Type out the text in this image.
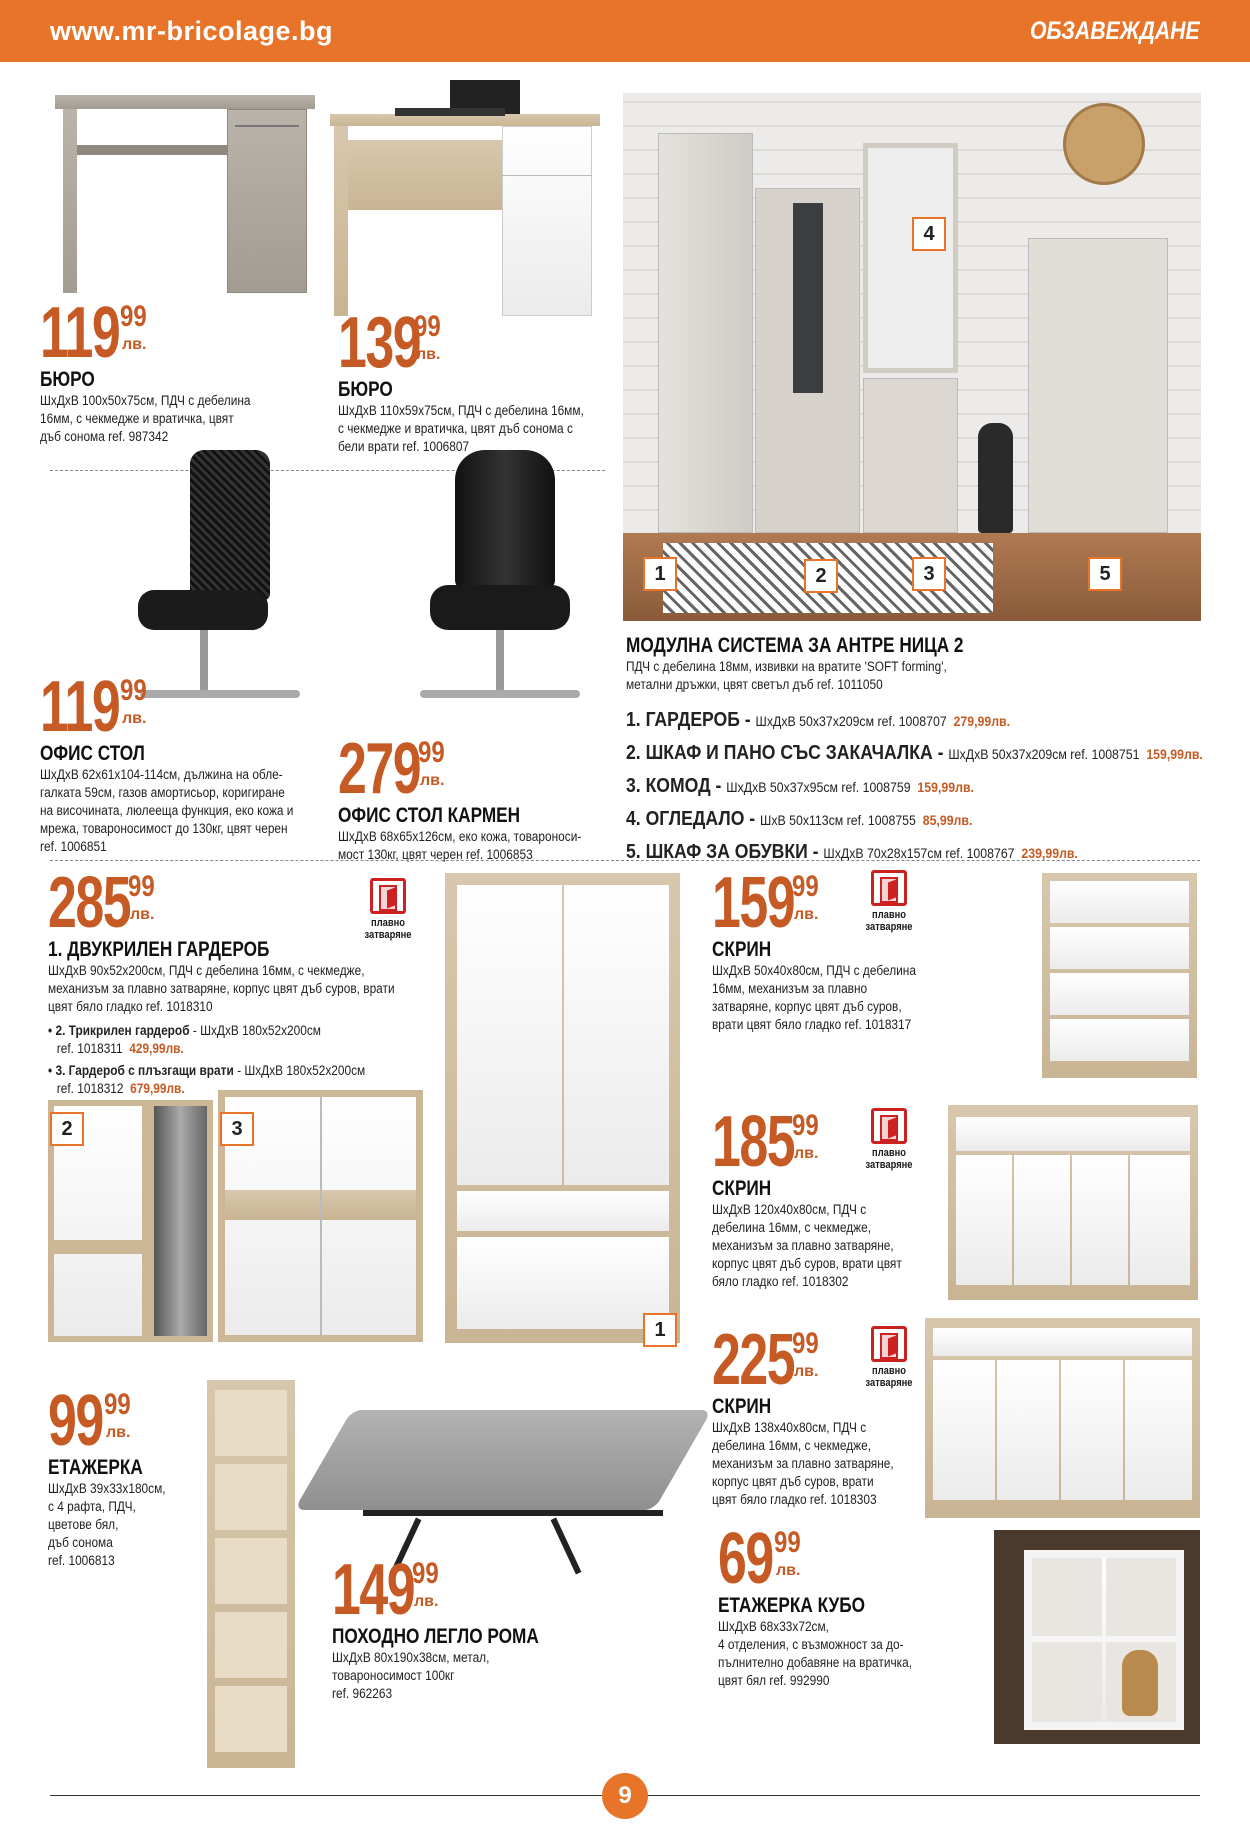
www.mr-bricolage.bg	ОБЗАВЕЖДАНЕ
119 99
лв.
БЮРО
ШхДхВ 100x50x75см, ПДЧ с дебелина
16мм, с чекмедже и вратичка, цвят
дъб сонома ref. 987342
139
99
лв.
БЮРО
ШхДхВ 110x59x75см, ПДЧ с дебелина 16мм,
с чекмедже и вратичка, цвят дъб сонома с
бели врати ref. 1006807
119 99
лв.
ОФИС СТОЛ
ШхДхВ 62x61x104-114см, дължина на обле-
галката 59см, газов амортисьор, коригиране
на височината, люлееща функция, еко кожа и
мрежа, товароносимост до 130кг, цвят черен
ref. 1006851
279
99
лв.
ОФИС СТОЛ КАРМЕН
ШхДхВ 68x65x126см, еко кожа, товароноси-
мост 130кг, цвят черен ref. 1006853
1	2	3
4
5
МОДУЛНА СИСТЕМА ЗА АНТРЕ НИЦА 2
ПДЧ с дебелина 18мм, извивки на вратите 'SOFT forming',
метални дръжки, цвят светъл дъб ref. 1011050
1. ГАРДЕРОБ - ШхДхВ 50x37x209см ref. 1008707 279,99лв.
2. ШКАФ И ПАНО СЪС ЗАКАЧАЛКА - ШхДхВ 50x37x209см ref. 1008751 159,99лв.
3. КОМОД - ШхДхВ 50x37x95см ref. 1008759 159,99лв.
4. ОГЛЕДАЛО - ШхВ 50x113см ref. 1008755 85,99лв.
5. ШКАФ ЗА ОБУВКИ - ШхДхВ 70x28x157см ref. 1008767 239,99лв.
285
99
лв.
1. ДВУКРИЛЕН ГАРДЕРОБ
ШхДхВ 90x52x200см, ПДЧ с дебелина 16мм, с чекмедже,
механизъм за плавно затваряне, корпус цвят дъб суров, врати
цвят бяло гладко ref. 1018310
• 2. Трикрилен гардероб - ШхДхВ 180x52x200см
ref. 1018311 429,99лв.
• 3. Гардероб с плъзгащи врати - ШхДхВ 180x52x200см
ref. 1018312 679,99лв.
плавно
затваряне
2	3
1
159
99
лв.
СКРИН
ШхДхВ 50x40x80см, ПДЧ с дебелина
16мм, механизъм за плавно
затваряне, корпус цвят дъб суров,
врати цвят бяло гладко ref. 1018317
плавно
затваряне
185
99
лв.
СКРИН
ШхДхВ 120x40x80см, ПДЧ с
дебелина 16мм, с чекмедже,
механизъм за плавно затваряне,
корпус цвят дъб суров, врати цвят
бяло гладко ref. 1018302
плавно
затваряне
225
99
лв.
СКРИН
ШхДхВ 138x40x80см, ПДЧ с
дебелина 16мм, с чекмедже,
механизъм за плавно затваряне,
корпус цвят дъб суров, врати
цвят бяло гладко ref. 1018303
плавно
затваряне
99 99
лв.
ЕТАЖЕРКА
ШхДхВ 39x33x180см,
с 4 рафта, ПДЧ,
цветове бял,
дъб сонома
ref. 1006813	149
99
лв.
ПОХОДНО ЛЕГЛО РОМА
ШхДхВ 80x190x38см, метал,
товароносимост 100кг
ref. 962263
69 99
лв.
ЕТАЖЕРКА КУБО
ШхДхВ 68x33x72см,
4 отделения, с възможност за до-
пълнително добавяне на вратичка,
цвят бял ref. 992990
9
